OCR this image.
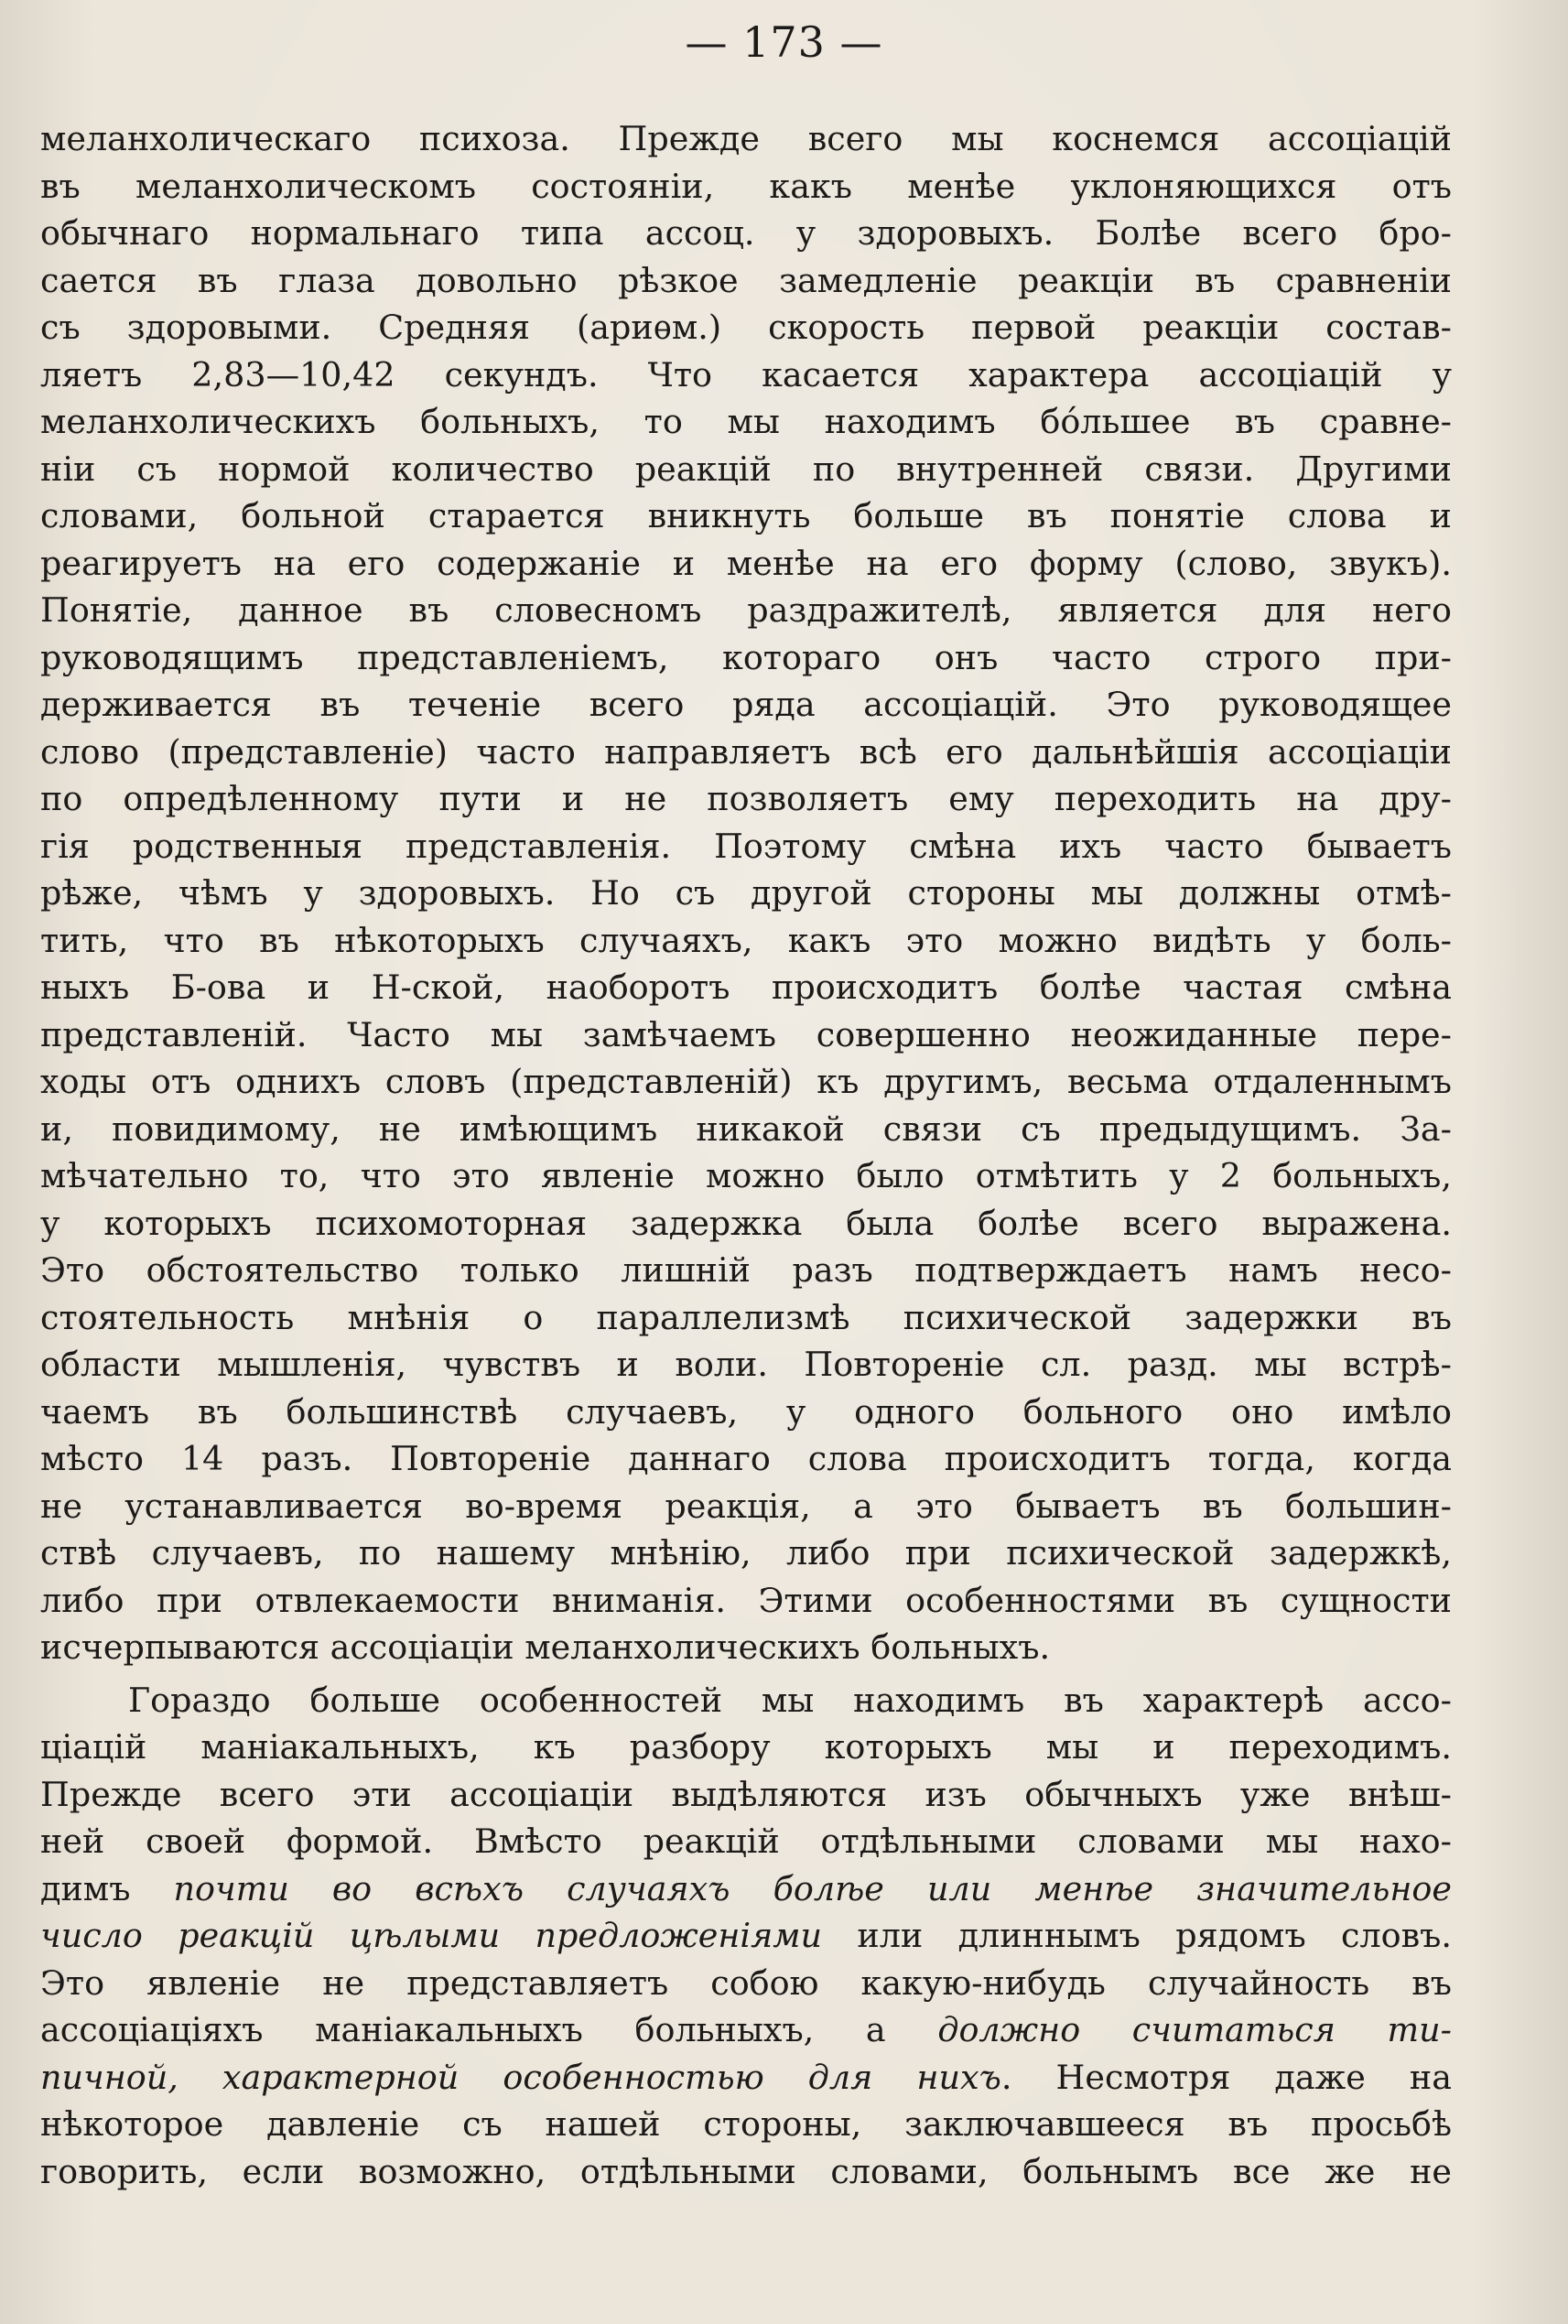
— 173 —
меланхолическаго психоза. Прежде всего мы коснемся ассоціацій
въ меланхолическомъ состояніи, какъ менѣе уклоняющихся отъ
обычнаго нормальнаго типа ассоц. у здоровыхъ. Болѣе всего бро-
сается въ глаза довольно рѣзкое замедленіе реакціи въ сравненіи
съ здоровыми. Средняя (ариѳм.) скорость первой реакціи состав-
ляетъ 2,83—10,42 секундъ. Что касается характера ассоціацій у
меланхолическихъ больныхъ, то мы находимъ бóльшее въ сравне-
ніи съ нормой количество реакцій по внутренней связи. Другими
словами, больной старается вникнуть больше въ понятіе слова и
реагируетъ на его содержаніе и менѣе на его форму (слово, звукъ).
Понятіе, данное въ словесномъ раздражителѣ, является для него
руководящимъ представленіемъ, котораго онъ часто строго при-
держивается въ теченіе всего ряда ассоціацій. Это руководящее
слово (представленіе) часто направляетъ всѣ его дальнѣйшія ассоціаціи
по опредѣленному пути и не позволяетъ ему переходить на дру-
гія родственныя представленія. Поэтому смѣна ихъ часто бываетъ
рѣже, чѣмъ у здоровыхъ. Но съ другой стороны мы должны отмѣ-
тить, что въ нѣкоторыхъ случаяхъ, какъ это можно видѣть у боль-
ныхъ Б-ова и Н-ской, наоборотъ происходитъ болѣе частая смѣна
представленій. Часто мы замѣчаемъ совершенно неожиданные пере-
ходы отъ однихъ словъ (представленій) къ другимъ, весьма отдаленнымъ
и, повидимому, не имѣющимъ никакой связи съ предыдущимъ. За-
мѣчательно то, что это явленіе можно было отмѣтить у 2 больныхъ,
у которыхъ психомоторная задержка была болѣе всего выражена.
Это обстоятельство только лишній разъ подтверждаетъ намъ несо-
стоятельность мнѣнія о параллелизмѣ психической задержки въ
области мышленія, чувствъ и воли. Повтореніе сл. разд. мы встрѣ-
чаемъ въ большинствѣ случаевъ, у одного больного оно имѣло
мѣсто 14 разъ. Повтореніе даннаго слова происходитъ тогда, когда
не устанавливается во-время реакція, а это бываетъ въ большин-
ствѣ случаевъ, по нашему мнѣнію, либо при психической задержкѣ,
либо при отвлекаемости вниманія. Этими особенностями въ сущности
исчерпываются ассоціаціи меланхолическихъ больныхъ.
Гораздо больше особенностей мы находимъ въ характерѣ ассо-
ціацій маніакальныхъ, къ разбору которыхъ мы и переходимъ.
Прежде всего эти ассоціаціи выдѣляются изъ обычныхъ уже внѣш-
ней своей формой. Вмѣсто реакцій отдѣльными словами мы нахо-
димъ почти во всѣхъ случаяхъ болѣе или менѣе значительное
число реакцій цѣлыми предложеніями или длиннымъ рядомъ словъ.
Это явленіе не представляетъ собою какую-нибудь случайность въ
ассоціаціяхъ маніакальныхъ больныхъ, а должно считаться ти-
пичной, характерной особенностью для нихъ. Несмотря даже на
нѣкоторое давленіе съ нашей стороны, заключавшееся въ просьбѣ
говорить, если возможно, отдѣльными словами, больнымъ все же не
